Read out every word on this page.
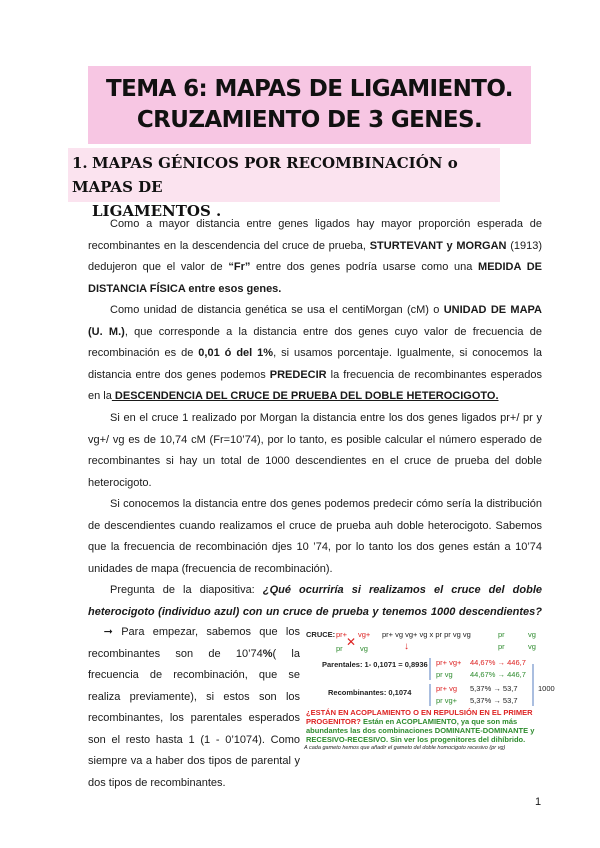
TEMA 6: MAPAS DE LIGAMIENTO.
CRUZAMIENTO DE 3 GENES.
1. MAPAS GÉNICOS POR RECOMBINACIÓN o MAPAS DE
LIGAMENTOS .

Como a mayor distancia entre genes ligados hay mayor proporción esperada de recombinantes en la descendencia del cruce de prueba, STURTEVANT y MORGAN (1913) dedujeron que el valor de “Fr” entre dos genes podría usarse como una MEDIDA DE DISTANCIA FÍSICA entre esos genes.

Como unidad de distancia genética se usa el centiMorgan (cM) o UNIDAD DE MAPA (U. M.), que corresponde a la distancia entre dos genes cuyo valor de frecuencia de recombinación es de 0,01 ó del 1%, si usamos porcentaje. Igualmente, si conocemos la distancia entre dos genes podemos PREDECIR la frecuencia de recombinantes esperados en la DESCENDENCIA DEL CRUCE DE PRUEBA DEL DOBLE HETEROCIGOTO.

Si en el cruce 1 realizado por Morgan la distancia entre los dos genes ligados pr+/ pr y vg+/ vg es de 10,74 cM (Fr=10’74), por lo tanto, es posible calcular el número esperado de recombinantes si hay un total de 1000 descendientes en el cruce de prueba del doble heterocigoto.

Si conocemos la distancia entre dos genes podemos predecir cómo sería la distribución de descendientes cuando realizamos el cruce de prueba auh doble heterocigoto. Sabemos que la frecuencia de recombinación djes 10 ’74, por lo tanto los dos genes están a 10’74 unidades de mapa (frecuencia de recombinación).

Pregunta de la diapositiva: ¿Qué ocurriría si realizamos el cruce del doble heterocigoto (individuo azul) con un cruce de prueba y tenemos 1000 descendientes?

➞ Para empezar, sabemos que los recombinantes son de 10’74%( la frecuencia de recombinación, que se realiza previamente), si estos son los recombinantes, los parentales esperados son el resto hasta 1 (1 - 0’1074). Como siempre va a haber dos tipos de parental y dos tipos de recombinantes.

CRUCE: pr+ vg+
✕
pr vg
pr+ vg vg+ vg x pr pr vg vg	pr	vg
pr	vg
↓
Parentales: 1- 0,1071 = 0,8936 pr+ vg+ 44,67% → 446,7
pr vg 44,67% → 446,7
Recombinantes: 0,1074	pr+ vg 5,37% → 53,7
pr vg+ 5,37% → 53,7
1000
¿ESTÁN EN ACOPLAMIENTO O EN REPULSIÓN EN EL PRIMER
PROGENITOR? Están en ACOPLAMIENTO, ya que son más
abundantes las dos combinaciones DOMINANTE-DOMINANTE y
RECESIVO-RECESIVO. Sin ver los progenitores del dihíbrido.
A cada gameto hemos que añadir el gameto del doble homocigoto recesivo (pr vg)
1
